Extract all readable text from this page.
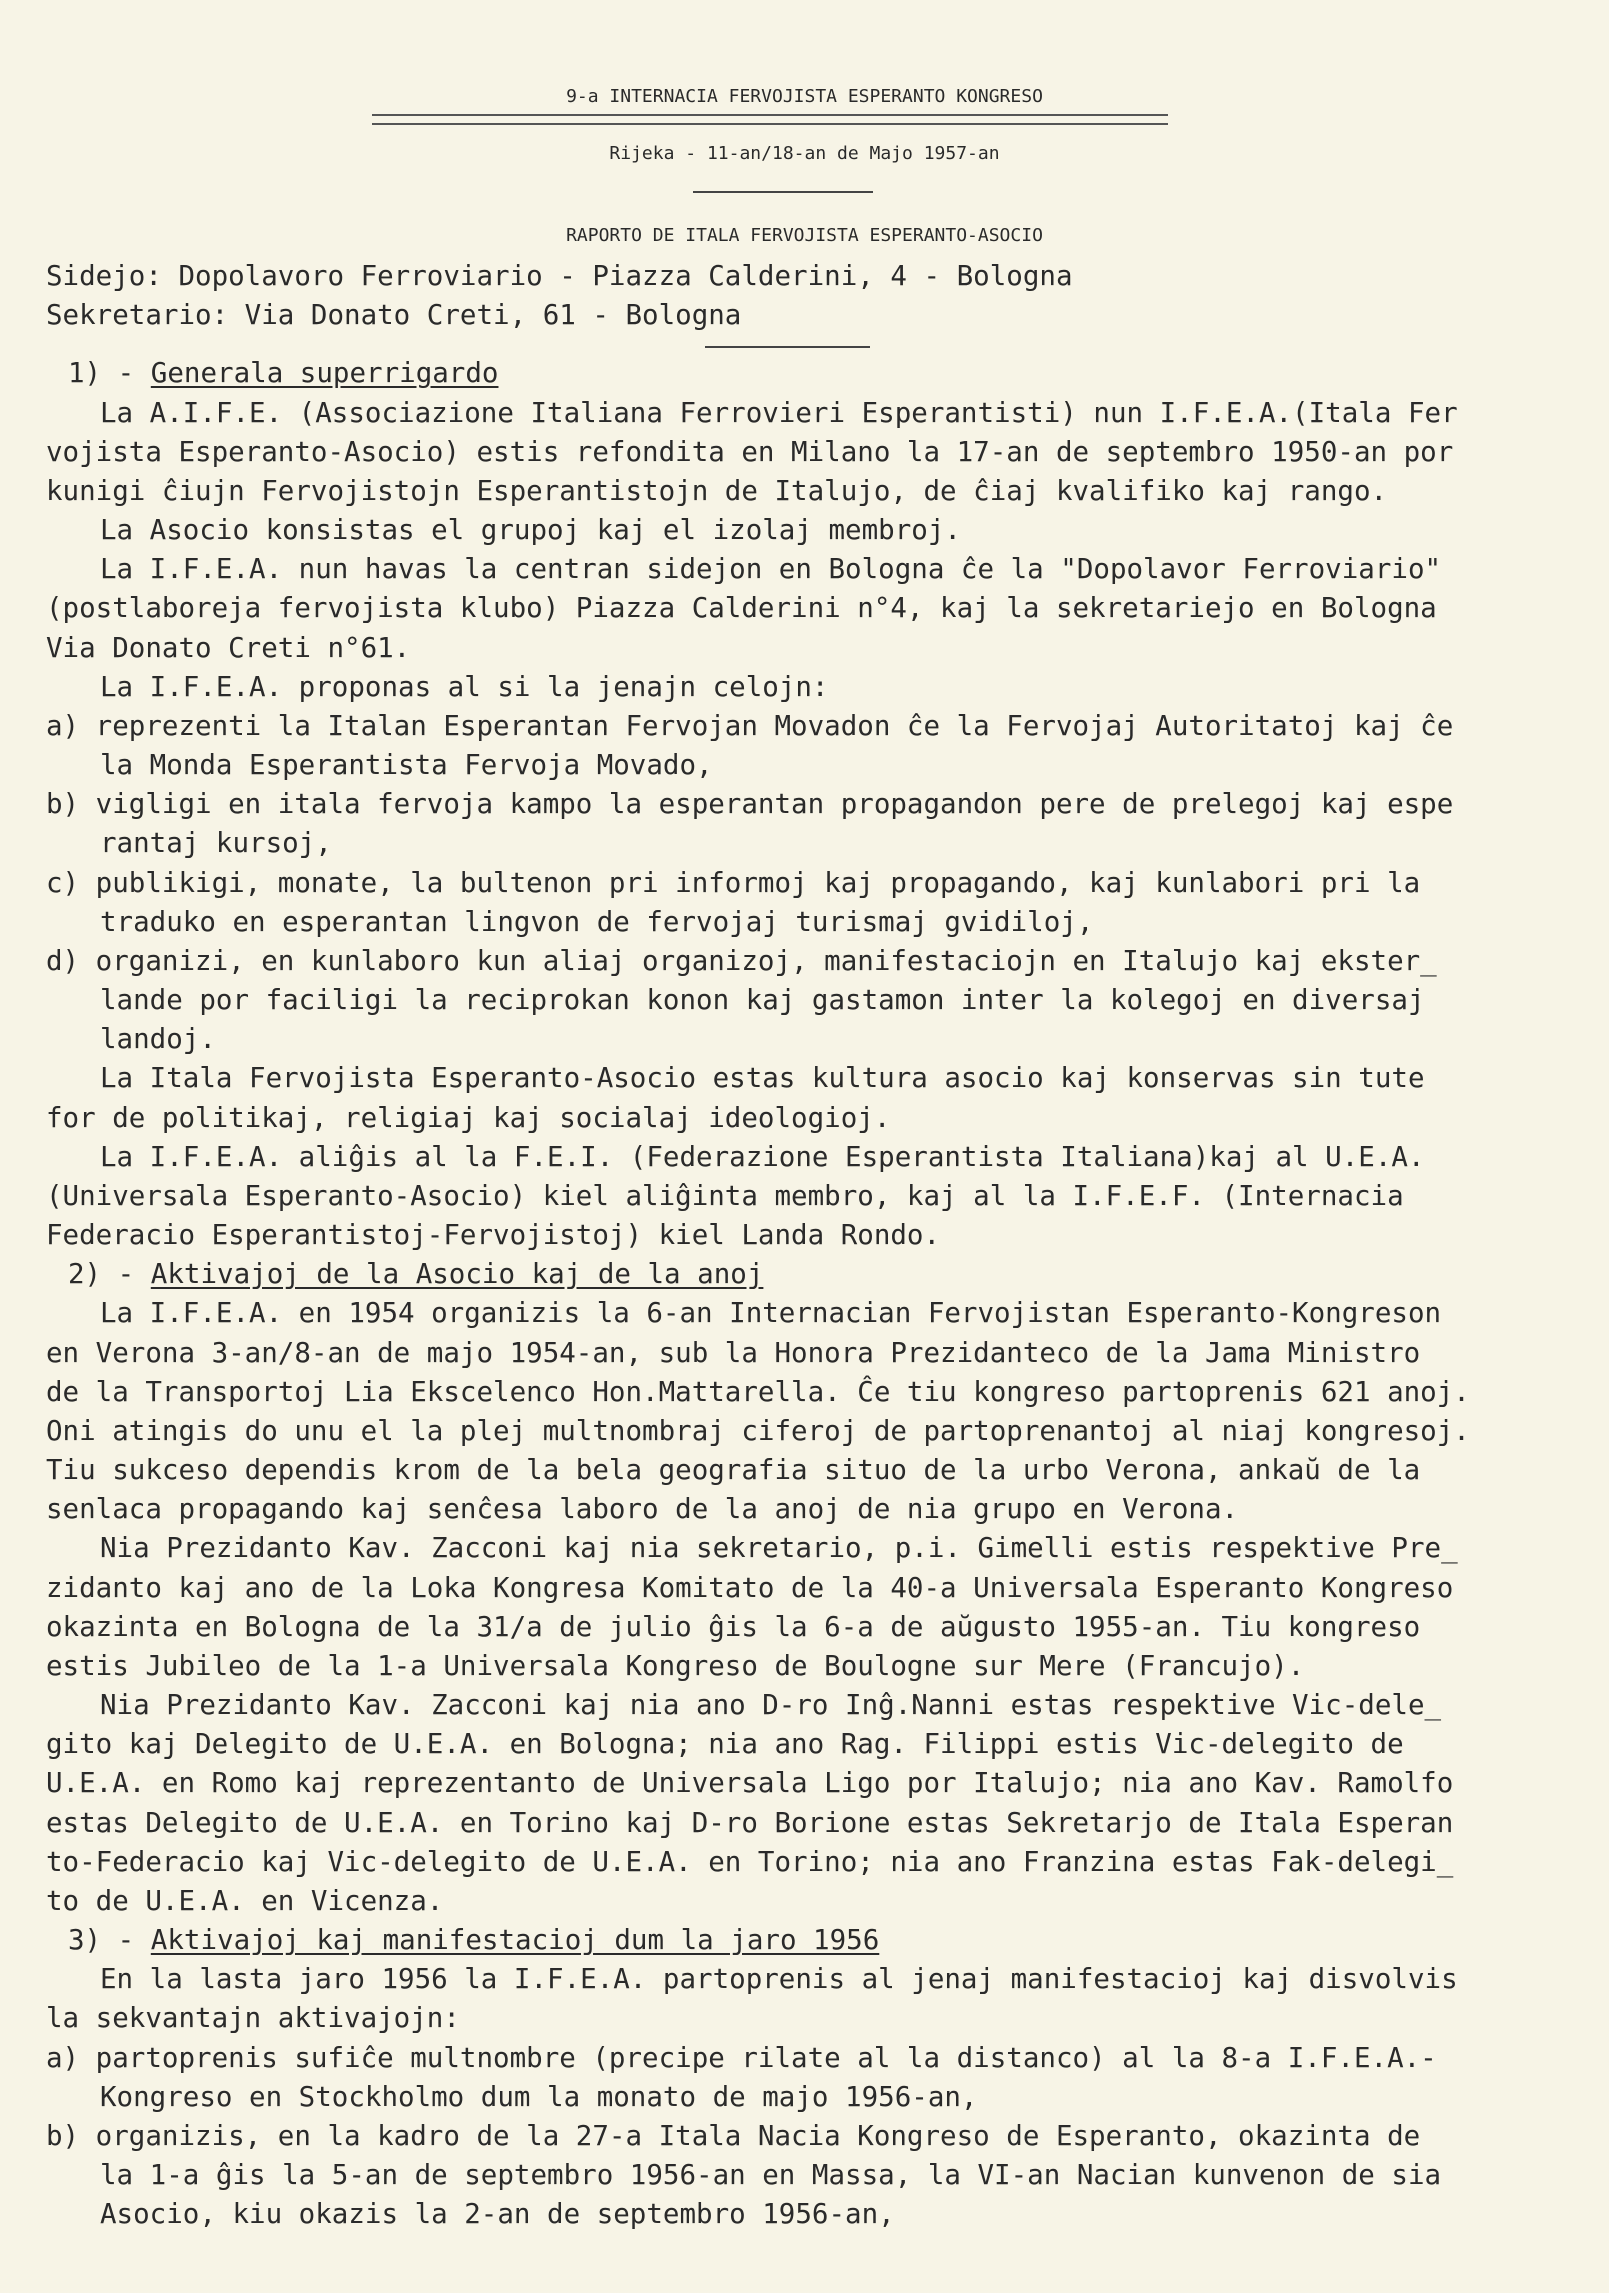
9-a INTERNACIA FERVOJISTA ESPERANTO KONGRESO
Rijeka - 11-an/18-an de Majo 1957-an
RAPORTO DE ITALA FERVOJISTA ESPERANTO-ASOCIO
Sidejo: Dopolavoro Ferroviario - Piazza Calderini, 4 - Bologna
Sekretario: Via Donato Creti, 61 - Bologna
1) - Generala superrigardo
La A.I.F.E. (Associazione Italiana Ferrovieri Esperantisti) nun I.F.E.A.(Itala Fer
vojista Esperanto-Asocio) estis refondita en Milano la 17-an de septembro 1950-an por
kunigi ĉiujn Fervojistojn Esperantistojn de Italujo, de ĉiaj kvalifiko kaj rango.
La Asocio konsistas el grupoj kaj el izolaj membroj.
La I.F.E.A. nun havas la centran sidejon en Bologna ĉe la "Dopolavor Ferroviario"
(postlaboreja fervojista klubo) Piazza Calderini n°4, kaj la sekretariejo en Bologna
Via Donato Creti n°61.
La I.F.E.A. proponas al si la jenajn celojn:
a) reprezenti la Italan Esperantan Fervojan Movadon ĉe la Fervojaj Autoritatoj kaj ĉe
la Monda Esperantista Fervoja Movado,
b) vigligi en itala fervoja kampo la esperantan propagandon pere de prelegoj kaj espe
rantaj kursoj,
c) publikigi, monate, la bultenon pri informoj kaj propagando, kaj kunlabori pri la
traduko en esperantan lingvon de fervojaj turismaj gvidiloj,
d) organizi, en kunlaboro kun aliaj organizoj, manifestaciojn en Italujo kaj ekster_
lande por faciligi la reciprokan konon kaj gastamon inter la kolegoj en diversaj
landoj.
La Itala Fervojista Esperanto-Asocio estas kultura asocio kaj konservas sin tute
for de politikaj, religiaj kaj socialaj ideologioj.
La I.F.E.A. aliĝis al la F.E.I. (Federazione Esperantista Italiana)kaj al U.E.A.
(Universala Esperanto-Asocio) kiel aliĝinta membro, kaj al la I.F.E.F. (Internacia
Federacio Esperantistoj-Fervojistoj) kiel Landa Rondo.
2) - Aktivajoj de la Asocio kaj de la anoj
La I.F.E.A. en 1954 organizis la 6-an Internacian Fervojistan Esperanto-Kongreson
en Verona 3-an/8-an de majo 1954-an, sub la Honora Prezidanteco de la Jama Ministro
de la Transportoj Lia Ekscelenco Hon.Mattarella. Ĉe tiu kongreso partoprenis 621 anoj.
Oni atingis do unu el la plej multnombraj ciferoj de partoprenantoj al niaj kongresoj.
Tiu sukceso dependis krom de la bela geografia situo de la urbo Verona, ankaŭ de la
senlaca propagando kaj senĉesa laboro de la anoj de nia grupo en Verona.
Nia Prezidanto Kav. Zacconi kaj nia sekretario, p.i. Gimelli estis respektive Pre_
zidanto kaj ano de la Loka Kongresa Komitato de la 40-a Universala Esperanto Kongreso
okazinta en Bologna de la 31/a de julio ĝis la 6-a de aŭgusto 1955-an. Tiu kongreso
estis Jubileo de la 1-a Universala Kongreso de Boulogne sur Mere (Francujo).
Nia Prezidanto Kav. Zacconi kaj nia ano D-ro Inĝ.Nanni estas respektive Vic-dele_
gito kaj Delegito de U.E.A. en Bologna; nia ano Rag. Filippi estis Vic-delegito de
U.E.A. en Romo kaj reprezentanto de Universala Ligo por Italujo; nia ano Kav. Ramolfo
estas Delegito de U.E.A. en Torino kaj D-ro Borione estas Sekretarjo de Itala Esperan
to-Federacio kaj Vic-delegito de U.E.A. en Torino; nia ano Franzina estas Fak-delegi_
to de U.E.A. en Vicenza.
3) - Aktivajoj kaj manifestacioj dum la jaro 1956
En la lasta jaro 1956 la I.F.E.A. partoprenis al jenaj manifestacioj kaj disvolvis
la sekvantajn aktivajojn:
a) partoprenis sufiĉe multnombre (precipe rilate al la distanco) al la 8-a I.F.E.A.-
Kongreso en Stockholmo dum la monato de majo 1956-an,
b) organizis, en la kadro de la 27-a Itala Nacia Kongreso de Esperanto, okazinta de
la 1-a ĝis la 5-an de septembro 1956-an en Massa, la VI-an Nacian kunvenon de sia
Asocio, kiu okazis la 2-an de septembro 1956-an,
